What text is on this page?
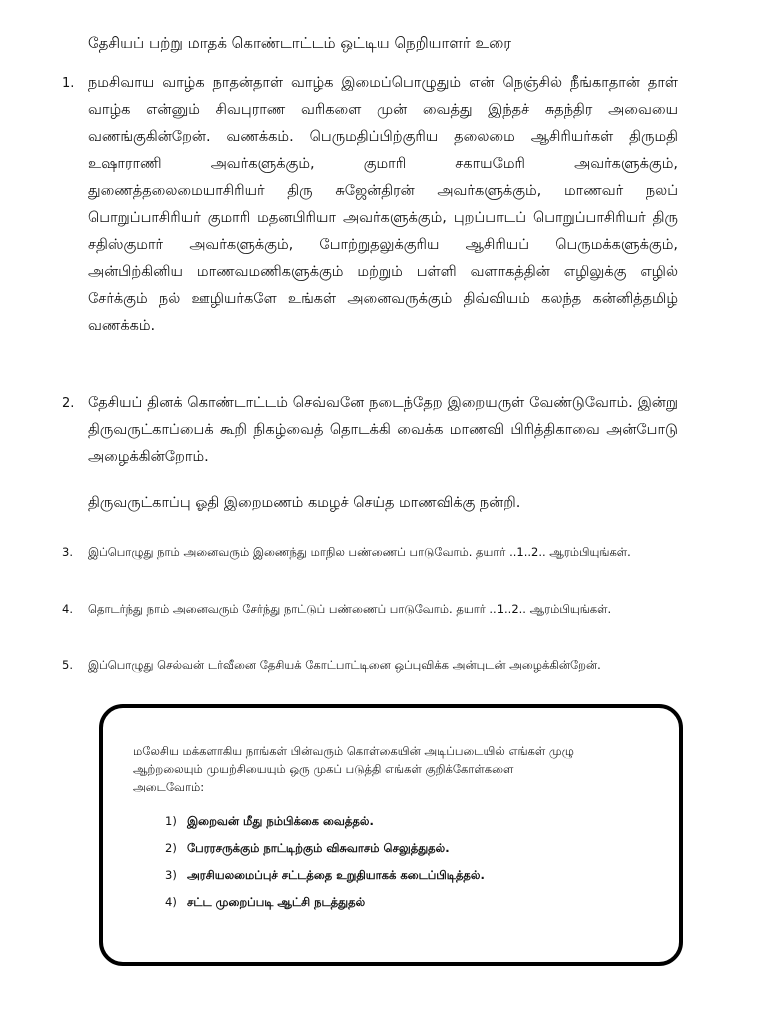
தேசியப் பற்று மாதக் கொண்டாட்டம் ஒட்டிய நெறியாளர் உரை
1. நமசிவாய வாழ்க நாதன்தாள் வாழ்க இமைப்பொழுதும் என் நெஞ்சில் நீங்காதான் தாள் வாழ்க என்னும் சிவபுராண வரிகளை முன் வைத்து இந்தச் சுதந்திர அவையை வணங்குகின்றேன். வணக்கம். பெருமதிப்பிற்குரிய தலைமை ஆசிரியர்கள் திருமதி உஷாராணி அவர்களுக்கும், குமாரி சகாயமேரி அவர்களுக்கும், துணைத்தலைமையாசிரியர் திரு சுஜேன்திரன் அவர்களுக்கும், மாணவர் நலப் பொறுப்பாசிரியர் குமாரி மதனபிரியா அவர்களுக்கும், புறப்பாடப் பொறுப்பாசிரியர் திரு சதிஸ்குமார் அவர்களுக்கும், போற்றுதலுக்குரிய ஆசிரியப் பெருமக்களுக்கும், அன்பிற்கினிய மாணவமணிகளுக்கும் மற்றும் பள்ளி வளாகத்தின் எழிலுக்கு எழில் சேர்க்கும் நல் ஊழியர்களே உங்கள் அனைவருக்கும் திவ்வியம் கலந்த கன்னித்தமிழ் வணக்கம்.
2. தேசியப் தினக் கொண்டாட்டம் செவ்வனே நடைந்தேற இறையருள் வேண்டுவோம். இன்று திருவருட்காப்பைக் கூறி நிகழ்வைத் தொடக்கி வைக்க மாணவி பிரித்திகாவை அன்போடு அழைக்கின்றோம்.
திருவருட்காப்பு ஓதி இறைமணம் கமழச் செய்த மாணவிக்கு நன்றி.
3.	இப்பொழுது நாம் அனைவரும் இணைந்து மாநில பண்ணைப் பாடுவோம். தயார் ..1..2.. ஆரம்பியுங்கள்.
4.	தொடர்ந்து நாம் அனைவரும் சேர்ந்து நாட்டுப் பண்ணைப் பாடுவோம். தயார் ..1..2.. ஆரம்பியுங்கள்.
5.	இப்பொழுது செல்வன் டர்வீனை தேசியக் கோட்பாட்டினை ஒப்புவிக்க அன்புடன் அழைக்கின்றேன்.
மலேசிய மக்களாகிய நாங்கள் பின்வரும் கொள்கையின் அடிப்படையில் எங்கள் முழு ஆற்றலையும் முயற்சியையும் ஒரு முகப் படுத்தி எங்கள் குறிக்கோள்களை அடைவோம்:
1) இறைவன் மீது நம்பிக்கை வைத்தல்.
2) பேரரசருக்கும் நாட்டிற்கும் விசுவாசம் செலுத்துதல்.
3) அரசியலமைப்புச் சட்டத்தை உறுதியாகக் கடைப்பிடித்தல்.
4) சட்ட முறைப்படி ஆட்சி நடத்துதல்
